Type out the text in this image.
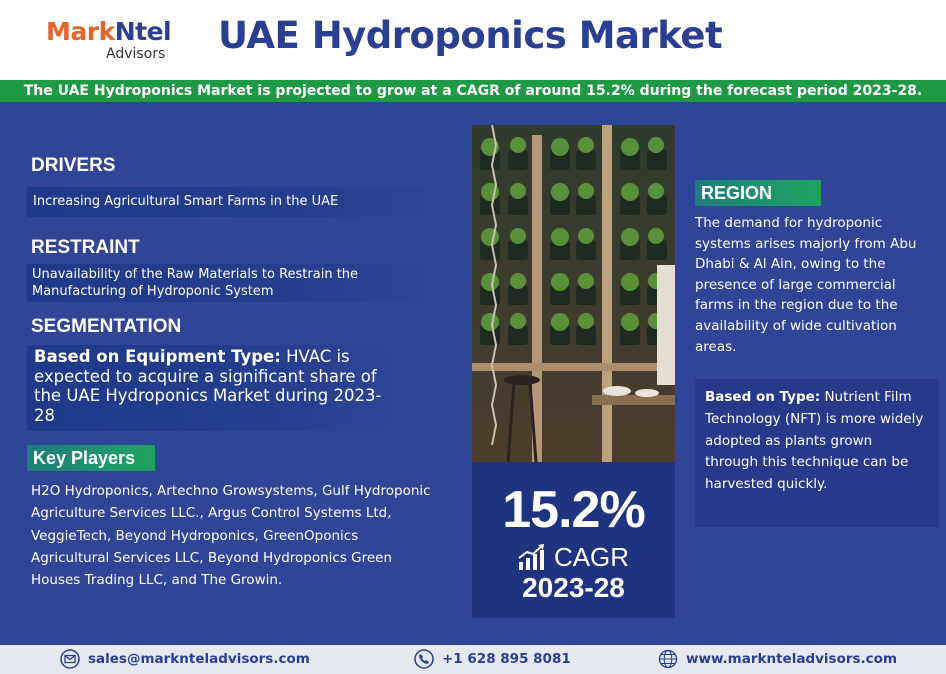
MarkNtel
Advisors	UAE Hydroponics Market
The UAE Hydroponics Market is projected to grow at a CAGR of around 15.2% during the forecast period 2023-28.
DRIVERS
Increasing Agricultural Smart Farms in the UAE
RESTRAINT
Unavailability of the Raw Materials to Restrain the Manufacturing of Hydroponic System
SEGMENTATION
Based on Equipment Type: HVAC is expected to acquire a significant share of the UAE Hydroponics Market during 2023-28
Key Players
H2O Hydroponics, Artechno Growsystems, Gulf Hydroponic Agriculture Services LLC., Argus Control Systems Ltd, VeggieTech, Beyond Hydroponics, GreenOponics Agricultural Services LLC, Beyond Hydroponics Green Houses Trading LLC, and The Growin.
15.2%
CAGR
2023-28
REGION
The demand for hydroponic systems arises majorly from Abu Dhabi & Al Ain, owing to the presence of large commercial farms in the region due to the availability of wide cultivation areas.
Based on Type: Nutrient Film Technology (NFT) is more widely adopted as plants grown through this technique can be harvested quickly.
sales@marknteladvisors.com	+1 628 895 8081	www.marknteladvisors.com
